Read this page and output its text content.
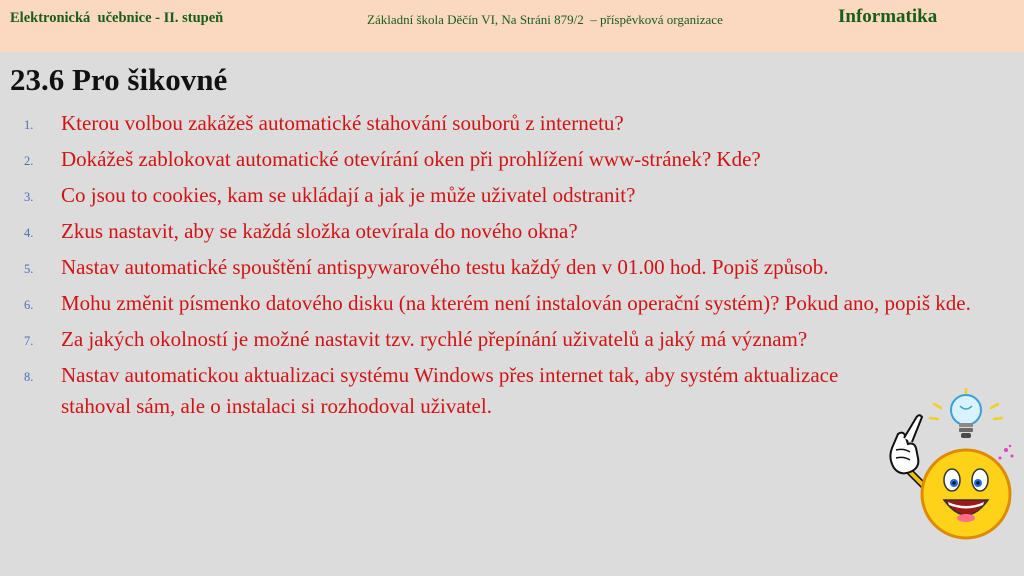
Elektronická  učebnice - II. stupeň	Základní škola Děčín VI, Na Stráni 879/2  – příspěvková organizace	Informatika
23.6 Pro šikovné
1. Kterou volbou zakážeš automatické stahování souborů z internetu?
2. Dokážeš zablokovat automatické otevírání oken při prohlížení www-stránek? Kde?
3. Co jsou to cookies, kam se ukládají a jak je může uživatel odstranit?
4. Zkus nastavit, aby se každá složka otevírala do nového okna?
5. Nastav automatické spouštění antispywarového testu každý den v 01.00 hod. Popiš způsob.
6. Mohu změnit písmenko datového disku (na kterém není instalován operační systém)? Pokud ano, popiš kde.
7. Za jakých okolností je možné nastavit tzv. rychlé přepínání uživatelů a jaký má význam?
8. Nastav automatickou aktualizaci systému Windows přes internet tak, aby systém aktualizace stahoval sám, ale o instalaci si rozhodoval uživatel.
